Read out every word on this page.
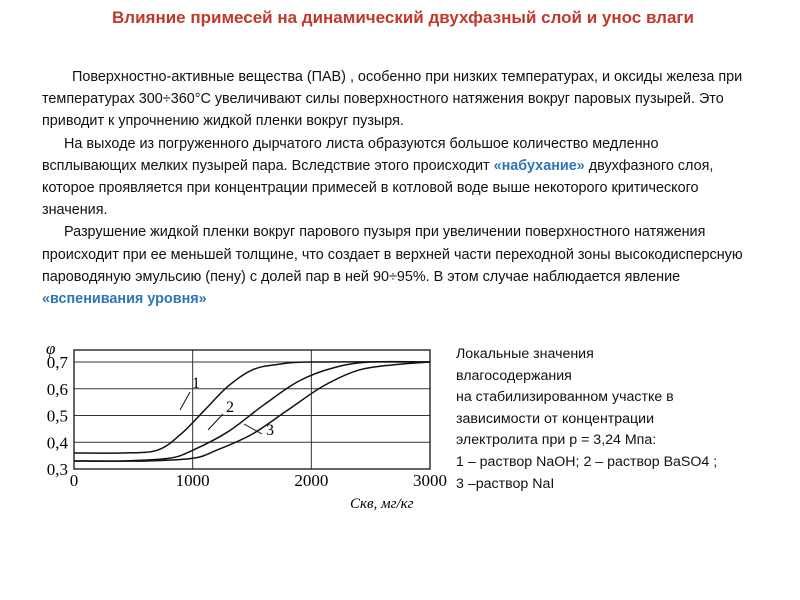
Влияние примесей на динамический двухфазный слой и унос влаги
Поверхностно-активные вещества (ПАВ) , особенно при низких температурах, и оксиды железа при температурах 300÷360°С увеличивают силы поверхностного натяжения вокруг паровых пузырей. Это приводит к упрочнению жидкой пленки вокруг пузыря.
На выходе из погруженного дырчатого листа образуются большое количество медленно всплывающих мелких пузырей пара. Вследствие этого происходит «набухание» двухфазного слоя, которое проявляется при концентрации примесей в котловой воде выше некоторого критического значения.
Разрушение жидкой пленки вокруг парового пузыря при увеличении поверхностного натяжения происходит при ее меньшей толщине, что создает в верхней части переходной зоны высокодисперсную пароводяную эмульсию (пену) с долей пар в ней 90÷95%. В этом случае наблюдается явление «вспенивания уровня»
φ
0,3
0,4
0,5
0,6
0,7
0	1000	2000	3000
1
2
3
Cкв, мг/кг
Локальные значения
влагосодержания
на стабилизированном участке в
зависимости от концентрации
электролита при р = 3,24 Мпа:
1 – раствор NaOH; 2 – раствор BaSO4 ;
3 –раствор NaI
